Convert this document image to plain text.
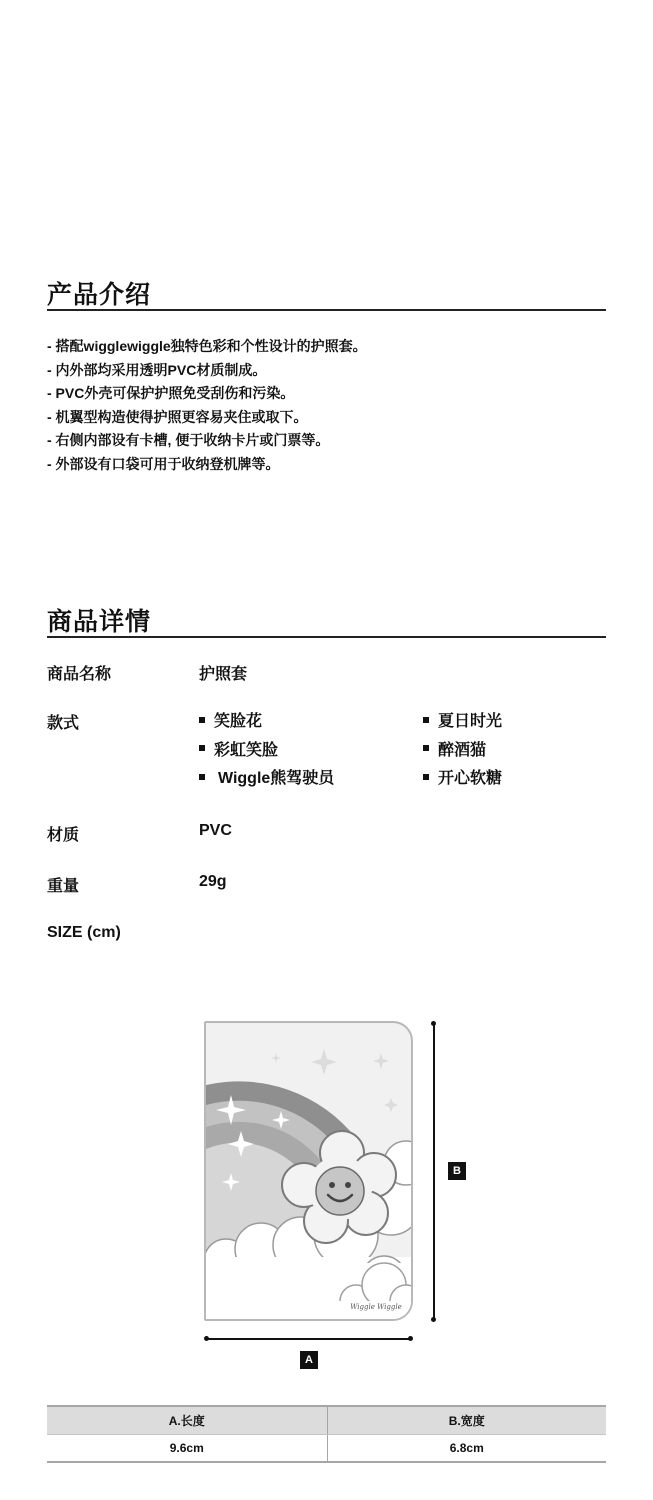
产品介绍
- 搭配wigglewiggle独特色彩和个性设计的护照套。
- 内外部均采用透明PVC材质制成。
- PVC外壳可保护护照免受刮伤和污染。
- 机翼型构造使得护照更容易夹住或取下。
- 右侧内部设有卡槽, 便于收纳卡片或门票等。
- 外部设有口袋可用于收纳登机牌等。
商品详情
商品名称	护照套
款式	笑脸花
彩虹笑脸
Wiggle熊驾驶员
夏日时光
醉酒猫
开心软糖
材质	PVC
重量	29g
SIZE (cm)
Wiggle Wiggle
B
A
A.长度	B.宽度
9.6cm	6.8cm
